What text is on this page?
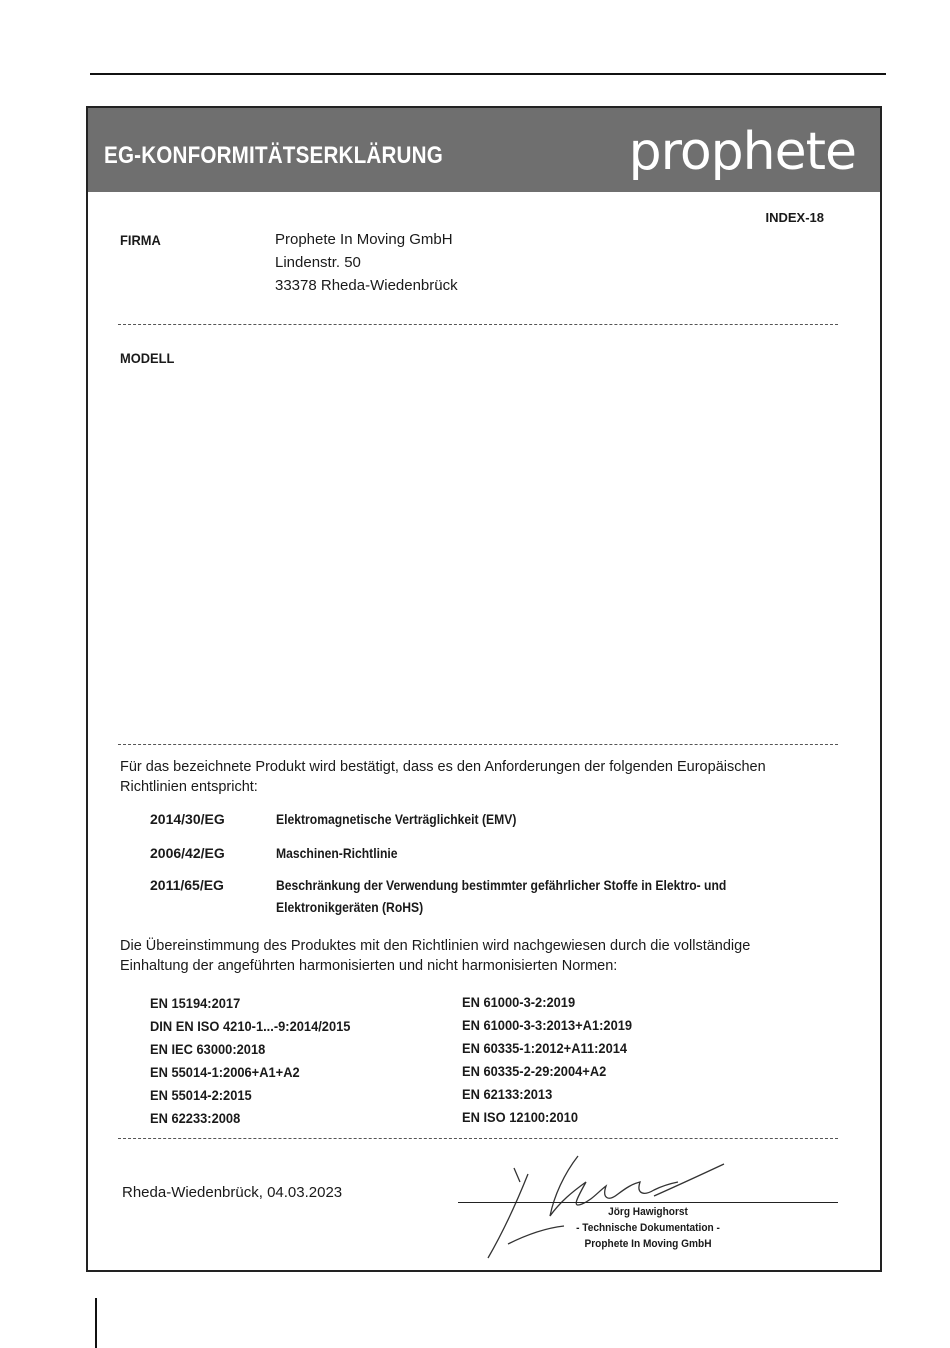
EG-KONFORMITÄTSERKLÄRUNG	prophete
INDEX-18
FIRMA	Prophete In Moving GmbH
Lindenstr. 50
33378 Rheda-Wiedenbrück
MODELL
Für das bezeichnete Produkt wird bestätigt, dass es den Anforderungen der folgenden Europäischen Richtlinien entspricht:
2014/30/EG	Elektromagnetische Verträglichkeit (EMV)
2006/42/EG	Maschinen-Richtlinie
2011/65/EG	Beschränkung der Verwendung bestimmter gefährlicher Stoffe in Elektro- und
Elektronikgeräten (RoHS)
Die Übereinstimmung des Produktes mit den Richtlinien wird nachgewiesen durch die vollständige Einhaltung der angeführten harmonisierten und nicht harmonisierten Normen:
EN 15194:2017
DIN EN ISO 4210-1...-9:2014/2015
EN IEC 63000:2018
EN 55014-1:2006+A1+A2
EN 55014-2:2015
EN 62233:2008
EN 61000-3-2:2019
EN 61000-3-3:2013+A1:2019
EN 60335-1:2012+A11:2014
EN 60335-2-29:2004+A2
EN 62133:2013
EN ISO 12100:2010
Rheda-Wiedenbrück, 04.03.2023
Jörg Hawighorst
- Technische Dokumentation -
Prophete In Moving GmbH
